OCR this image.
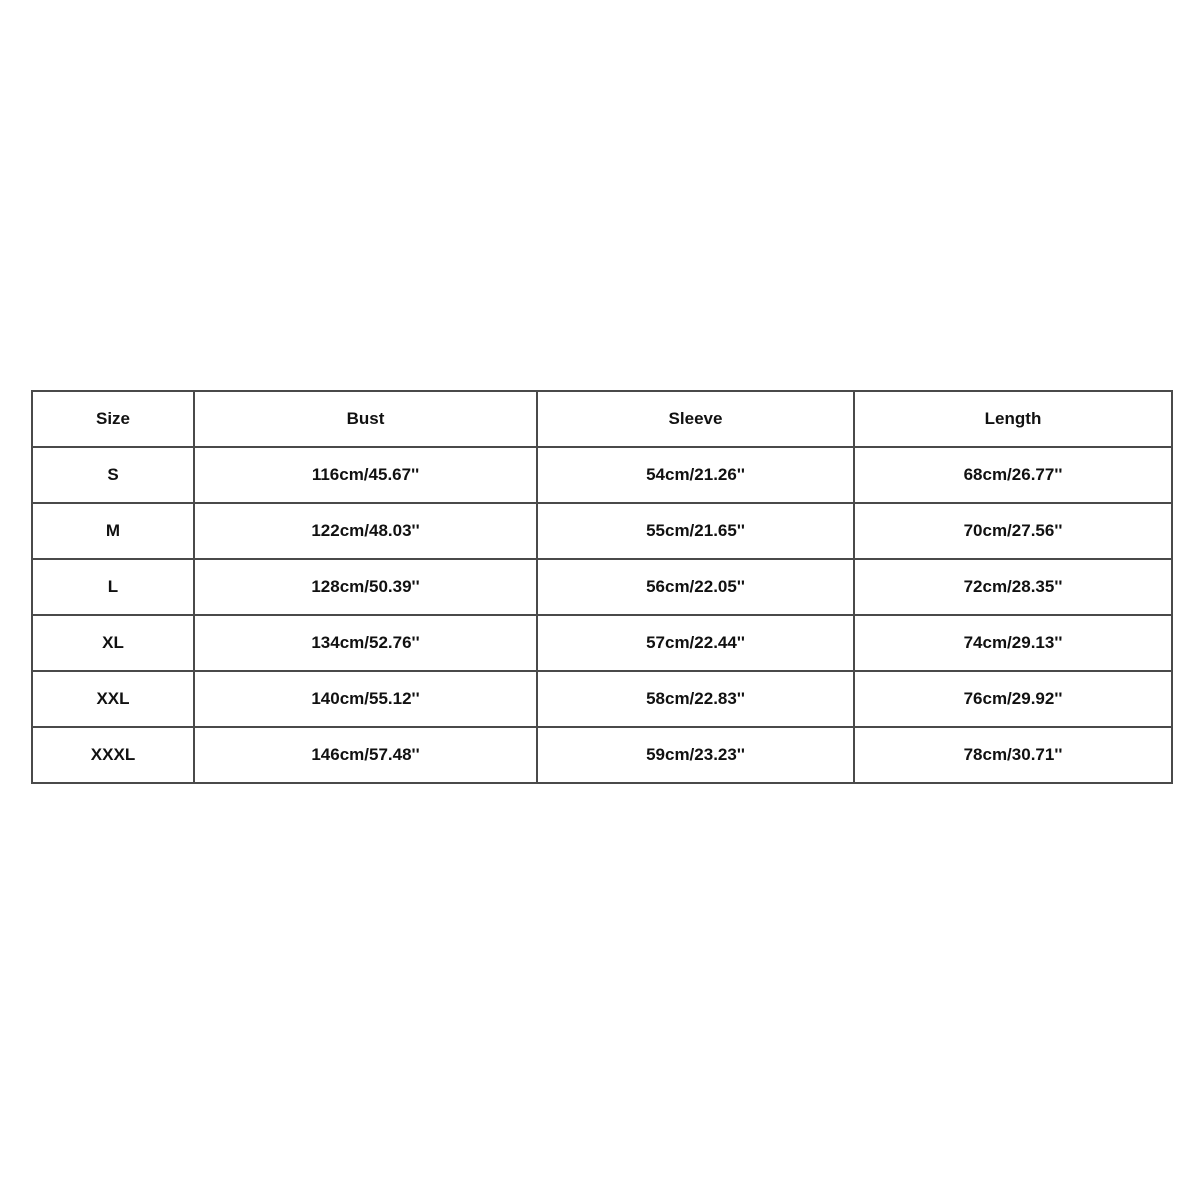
Size	Bust	Sleeve	Length
S	116cm/45.67''	54cm/21.26''	68cm/26.77''
M	122cm/48.03''	55cm/21.65''	70cm/27.56''
L	128cm/50.39''	56cm/22.05''	72cm/28.35''
XL	134cm/52.76''	57cm/22.44''	74cm/29.13''
XXL	140cm/55.12''	58cm/22.83''	76cm/29.92''
XXXL	146cm/57.48''	59cm/23.23''	78cm/30.71''
